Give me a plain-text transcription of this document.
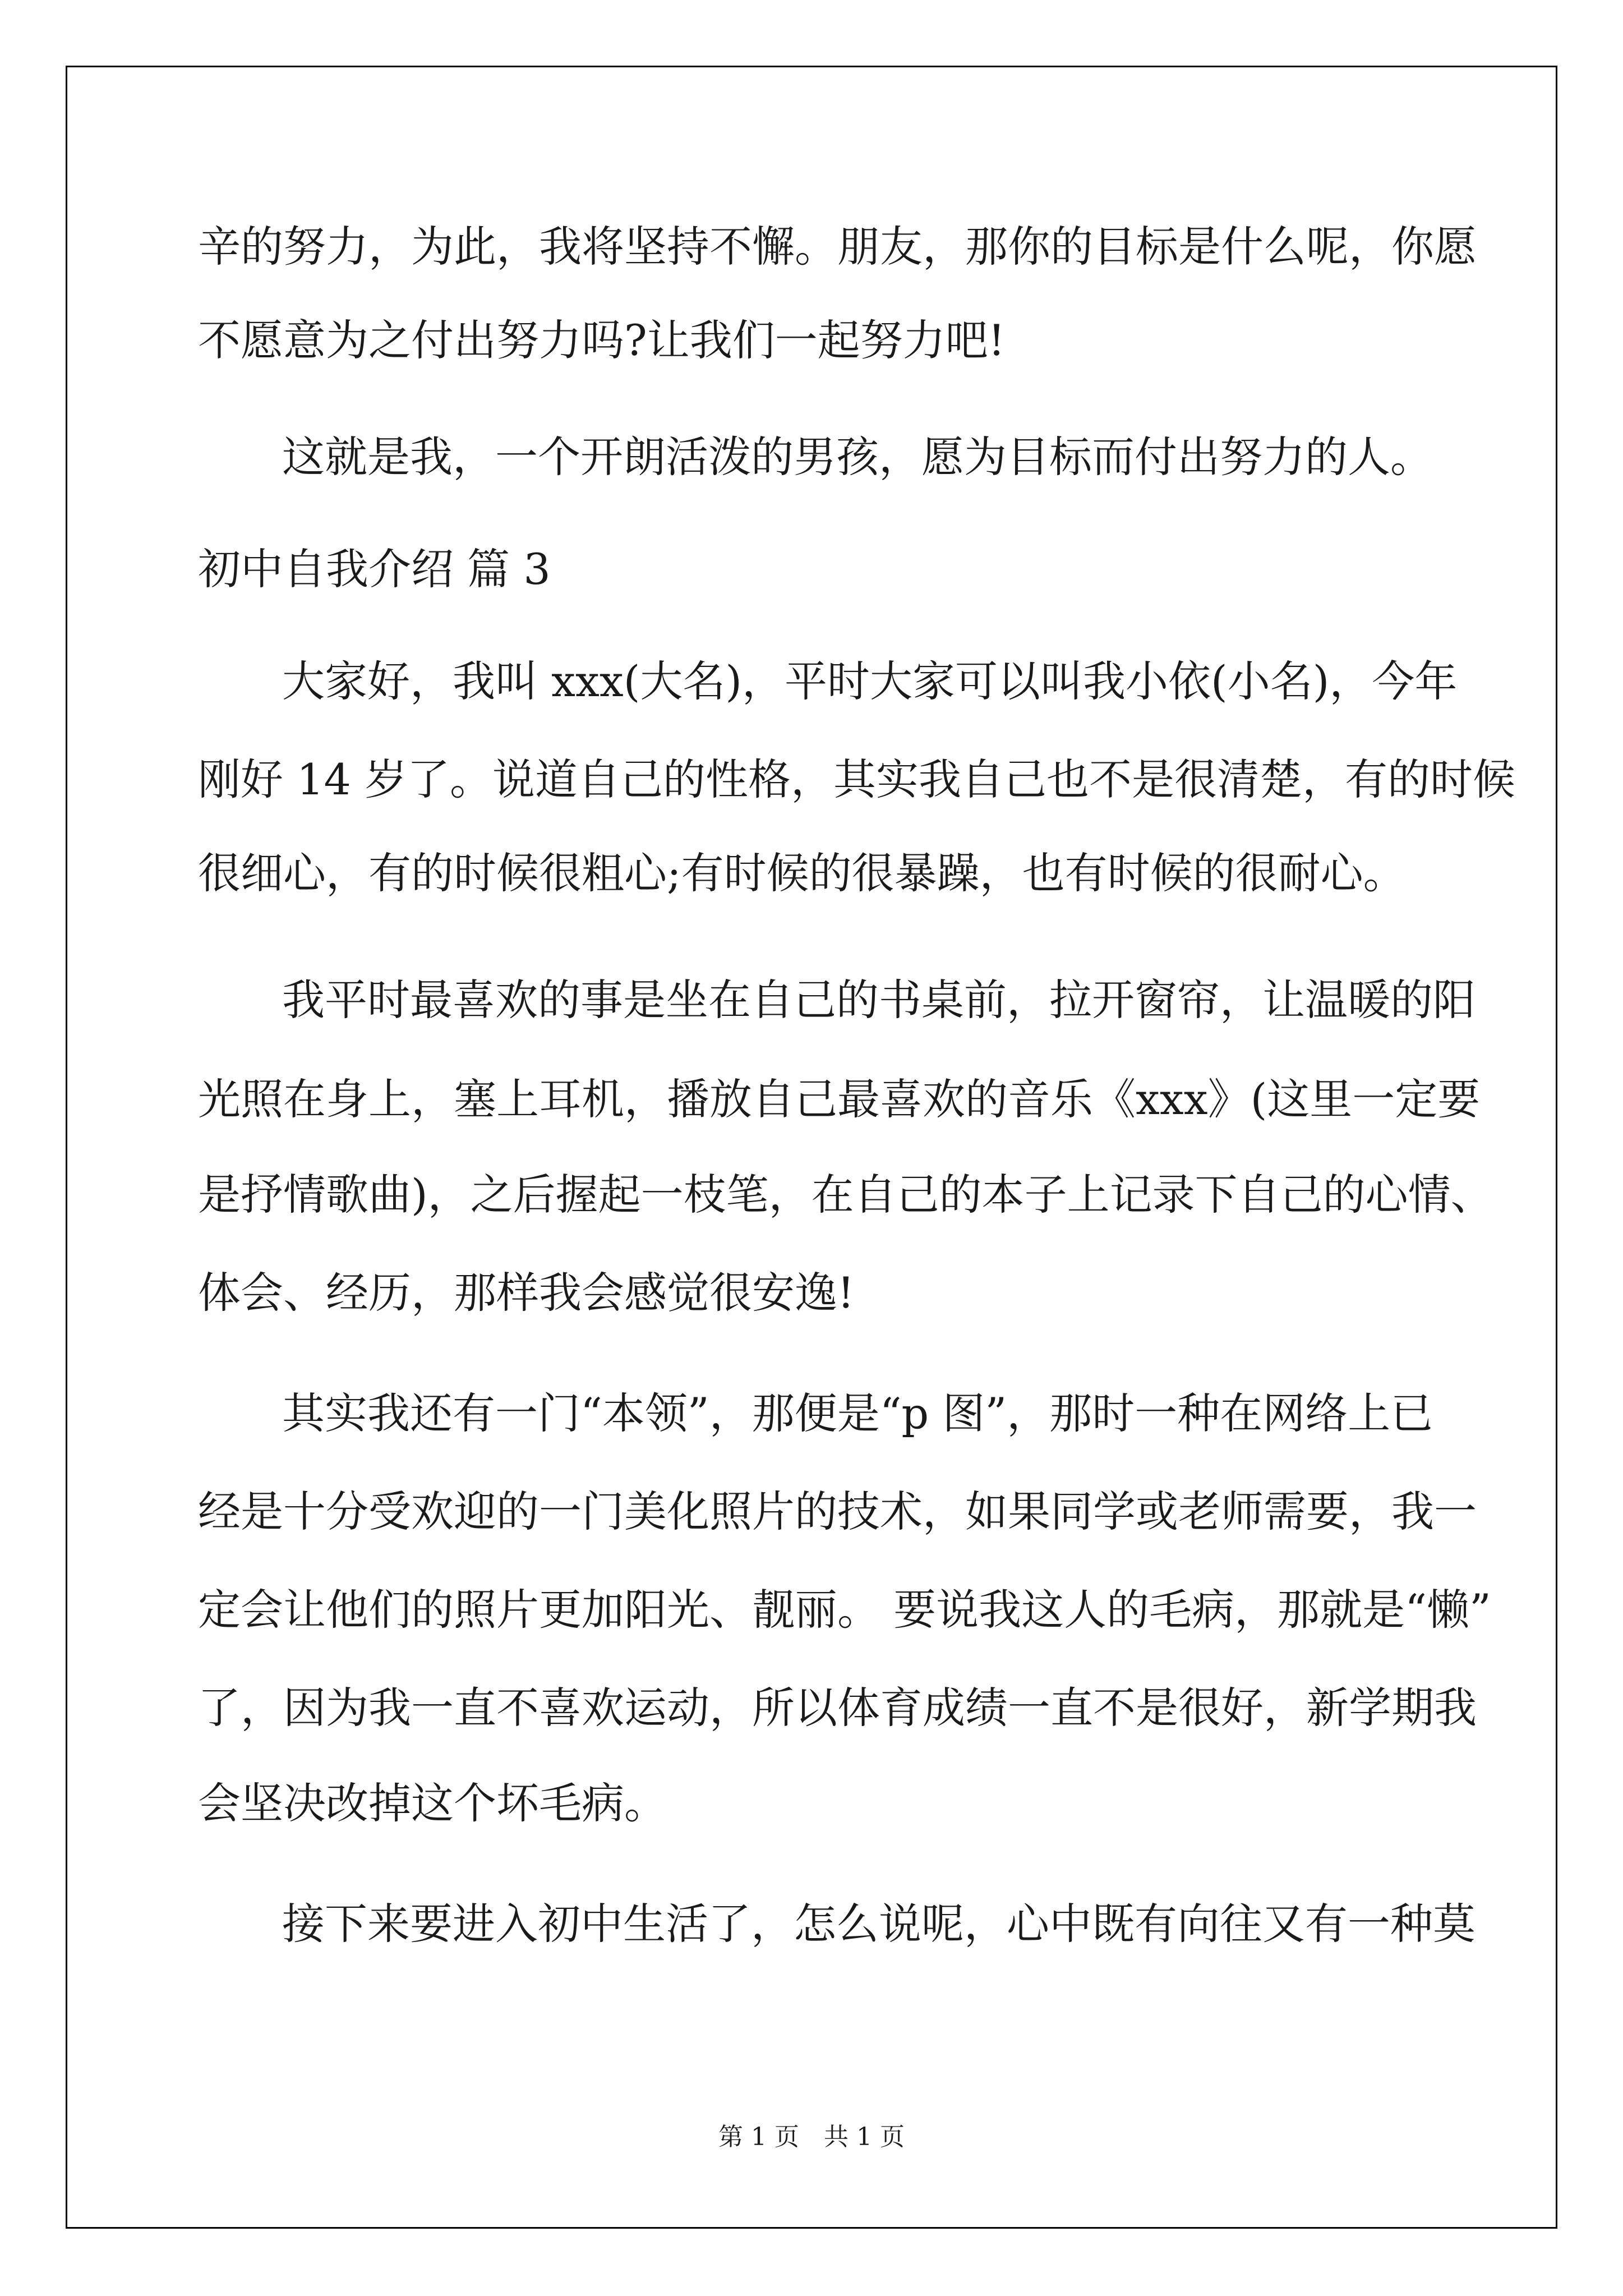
辛的努力，为此，我将坚持不懈。朋友，那你的目标是什么呢，你愿
不愿意为之付出努力吗?让我们一起努力吧!
这就是我，一个开朗活泼的男孩，愿为目标而付出努力的人。
初中自我介绍 篇 3
大家好，我叫 xxx(大名)，平时大家可以叫我小依(小名)，今年
刚好 14 岁了。说道自己的性格，其实我自己也不是很清楚，有的时候
很细心，有的时候很粗心;有时候的很暴躁，也有时候的很耐心。
我平时最喜欢的事是坐在自己的书桌前，拉开窗帘，让温暖的阳
光照在身上，塞上耳机，播放自己最喜欢的音乐《xxx》(这里一定要
是抒情歌曲)，之后握起一枝笔，在自己的本子上记录下自己的心情、
体会、经历，那样我会感觉很安逸!
其实我还有一门“本领”，那便是“p 图”，那时一种在网络上已
经是十分受欢迎的一门美化照片的技术，如果同学或老师需要，我一
定会让他们的照片更加阳光、靓丽。 要说我这人的毛病，那就是“懒”
了，因为我一直不喜欢运动，所以体育成绩一直不是很好，新学期我
会坚决改掉这个坏毛病。
接下来要进入初中生活了，怎么说呢，心中既有向往又有一种莫
第 1 页　共 1 页
